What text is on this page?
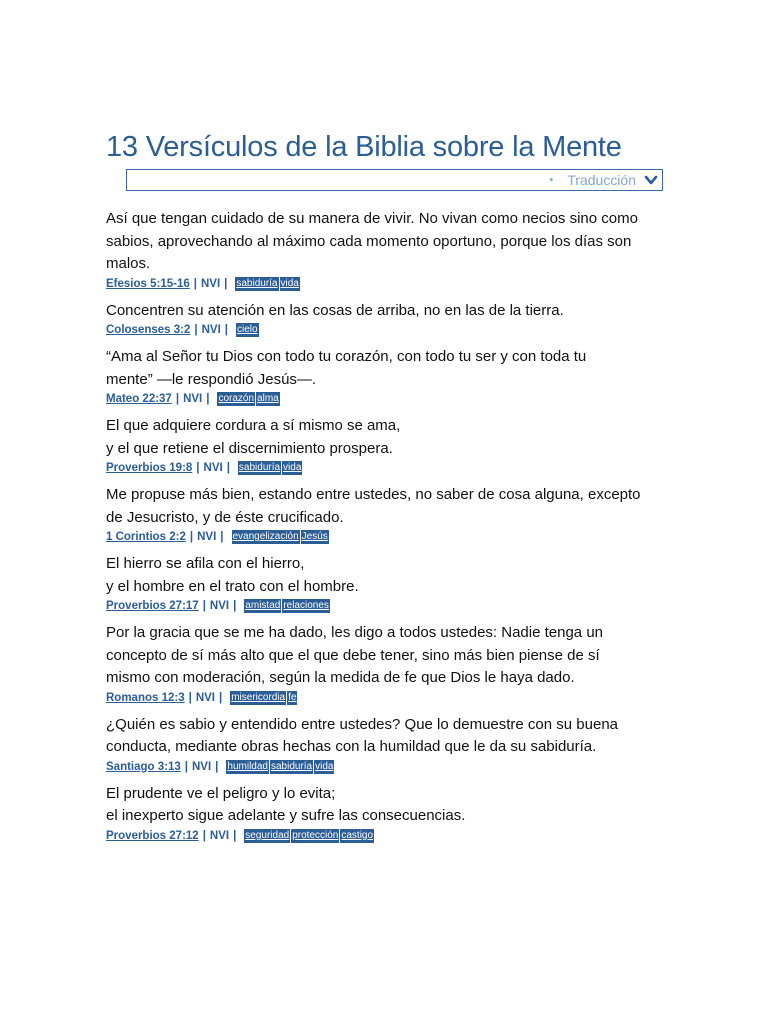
13 Versículos de la Biblia sobre la Mente
• Traducción
Así que tengan cuidado de su manera de vivir. No vivan como necios sino como
sabios, aprovechando al máximo cada momento oportuno, porque los días son
malos.
Efesios 5:15-16 | NVI | sabiduría vida
Concentren su atención en las cosas de arriba, no en las de la tierra.
Colosenses 3:2 | NVI | cielo
“Ama al Señor tu Dios con todo tu corazón, con todo tu ser y con toda tu
mente” —le respondió Jesús—.
Mateo 22:37 | NVI | corazón alma
El que adquiere cordura a sí mismo se ama,
y el que retiene el discernimiento prospera.
Proverbios 19:8 | NVI | sabiduría vida
Me propuse más bien, estando entre ustedes, no saber de cosa alguna, excepto
de Jesucristo, y de éste crucificado.
1 Corintios 2:2 | NVI | evangelización Jesús
El hierro se afila con el hierro,
y el hombre en el trato con el hombre.
Proverbios 27:17 | NVI | amistad relaciones
Por la gracia que se me ha dado, les digo a todos ustedes: Nadie tenga un
concepto de sí más alto que el que debe tener, sino más bien piense de sí
mismo con moderación, según la medida de fe que Dios le haya dado.
Romanos 12:3 | NVI | misericordia fe
¿Quién es sabio y entendido entre ustedes? Que lo demuestre con su buena
conducta, mediante obras hechas con la humildad que le da su sabiduría.
Santiago 3:13 | NVI | humildad sabiduría vida
El prudente ve el peligro y lo evita;
el inexperto sigue adelante y sufre las consecuencias.
Proverbios 27:12 | NVI | seguridad protección castigo
